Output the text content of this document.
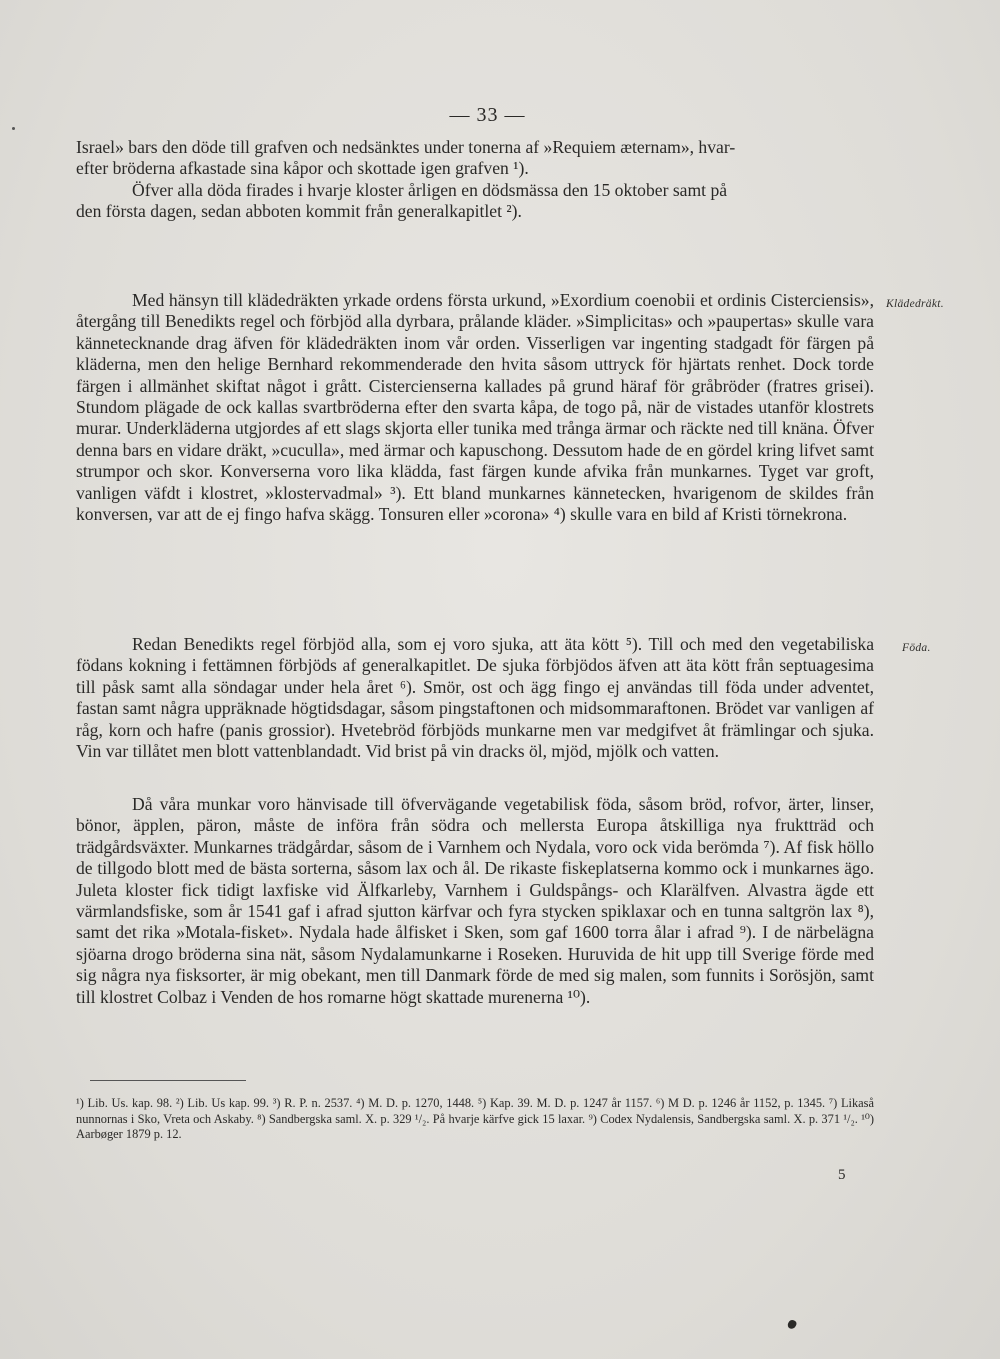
— 33 —
Israel» bars den döde till grafven och nedsänktes under tonerna af »Requiem æternam», hvar-
efter bröderna afkastade sina kåpor och skottade igen grafven ¹).
Öfver alla döda firades i hvarje kloster årligen en dödsmässa den 15 oktober samt på
den första dagen, sedan abboten kommit från generalkapitlet ²).
Klädedräkt.

Med hänsyn till klädedräkten yrkade ordens första urkund, »Exordium coenobii et ordinis Cisterciensis», återgång till Benedikts regel och förbjöd alla dyrbara, prålande kläder. »Simplicitas» och »paupertas» skulle vara kännetecknande drag äfven för klädedräkten inom vår orden. Visserligen var ingenting stadgadt för färgen på kläderna, men den helige Bernhard rekommenderade den hvita såsom uttryck för hjärtats renhet. Dock torde färgen i allmänhet skiftat något i grått. Cistercienserna kallades på grund häraf för gråbröder (fratres grisei). Stundom plägade de ock kallas svartbröderna efter den svarta kåpa, de togo på, när de vistades utanför klostrets murar. Underkläderna utgjordes af ett slags skjorta eller tunika med trånga ärmar och räckte ned till knäna. Öfver denna bars en vidare dräkt, »cuculla», med ärmar och kapuschong. Dessutom hade de en gördel kring lifvet samt strumpor och skor. Konverserna voro lika klädda, fast färgen kunde afvika från munkarnes. Tyget var groft, vanligen väfdt i klostret, »klostervadmal» ³). Ett bland munkarnes kännetecken, hvarigenom de skildes från konversen, var att de ej fingo hafva skägg. Tonsuren eller »corona» ⁴) skulle vara en bild af Kristi törnekrona.

Föda.

Redan Benedikts regel förbjöd alla, som ej voro sjuka, att äta kött ⁵). Till och med den vegetabiliska födans kokning i fettämnen förbjöds af generalkapitlet. De sjuka förbjödos äfven att äta kött från septuagesima till påsk samt alla söndagar under hela året ⁶). Smör, ost och ägg fingo ej användas till föda under adventet, fastan samt några uppräknade högtidsdagar, såsom pingstaftonen och midsommaraftonen. Brödet var vanligen af råg, korn och hafre (panis grossior). Hvetebröd förbjöds munkarne men var medgifvet åt främlingar och sjuka. Vin var tillåtet men blott vattenblandadt. Vid brist på vin dracks öl, mjöd, mjölk och vatten.

Då våra munkar voro hänvisade till öfvervägande vegetabilisk föda, såsom bröd, rofvor, ärter, linser, bönor, äpplen, päron, måste de införa från södra och mellersta Europa åtskilliga nya fruktträd och trädgårdsväxter. Munkarnes trädgårdar, såsom de i Varnhem och Nydala, voro ock vida berömda ⁷). Af fisk höllo de tillgodo blott med de bästa sorterna, såsom lax och ål. De rikaste fiskeplatserna kommo ock i munkarnes ägo. Juleta kloster fick tidigt laxfiske vid Älfkarleby, Varnhem i Guldspångs- och Klarälfven. Alvastra ägde ett värmlandsfiske, som år 1541 gaf i afrad sjutton kärfvar och fyra stycken spiklaxar och en tunna saltgrön lax ⁸), samt det rika »Motala-fisket». Nydala hade ålfisket i Sken, som gaf 1600 torra ålar i afrad ⁹). I de närbelägna sjöarna drogo bröderna sina nät, såsom Nydalamunkarne i Roseken. Huruvida de hit upp till Sverige förde med sig några nya fisksorter, är mig obekant, men till Danmark förde de med sig malen, som funnits i Sorösjön, samt till klostret Colbaz i Venden de hos romarne högt skattade murenerna ¹⁰).

¹) Lib. Us. kap. 98. ²) Lib. Us kap. 99. ³) R. P. n. 2537. ⁴) M. D. p. 1270, 1448. ⁵) Kap. 39. M. D. p. 1247 år 1157. ⁶) M D. p. 1246 år 1152, p. 1345. ⁷) Likaså nunnornas i Sko, Vreta och Askaby. ⁸) Sandbergska saml. X. p. 329 ¹/₂. På hvarje kärfve gick 15 laxar. ⁹) Codex Nydalensis, Sandbergska saml. X. p. 371 ¹/₂. ¹⁰) Aarbøger 1879 p. 12.
5
